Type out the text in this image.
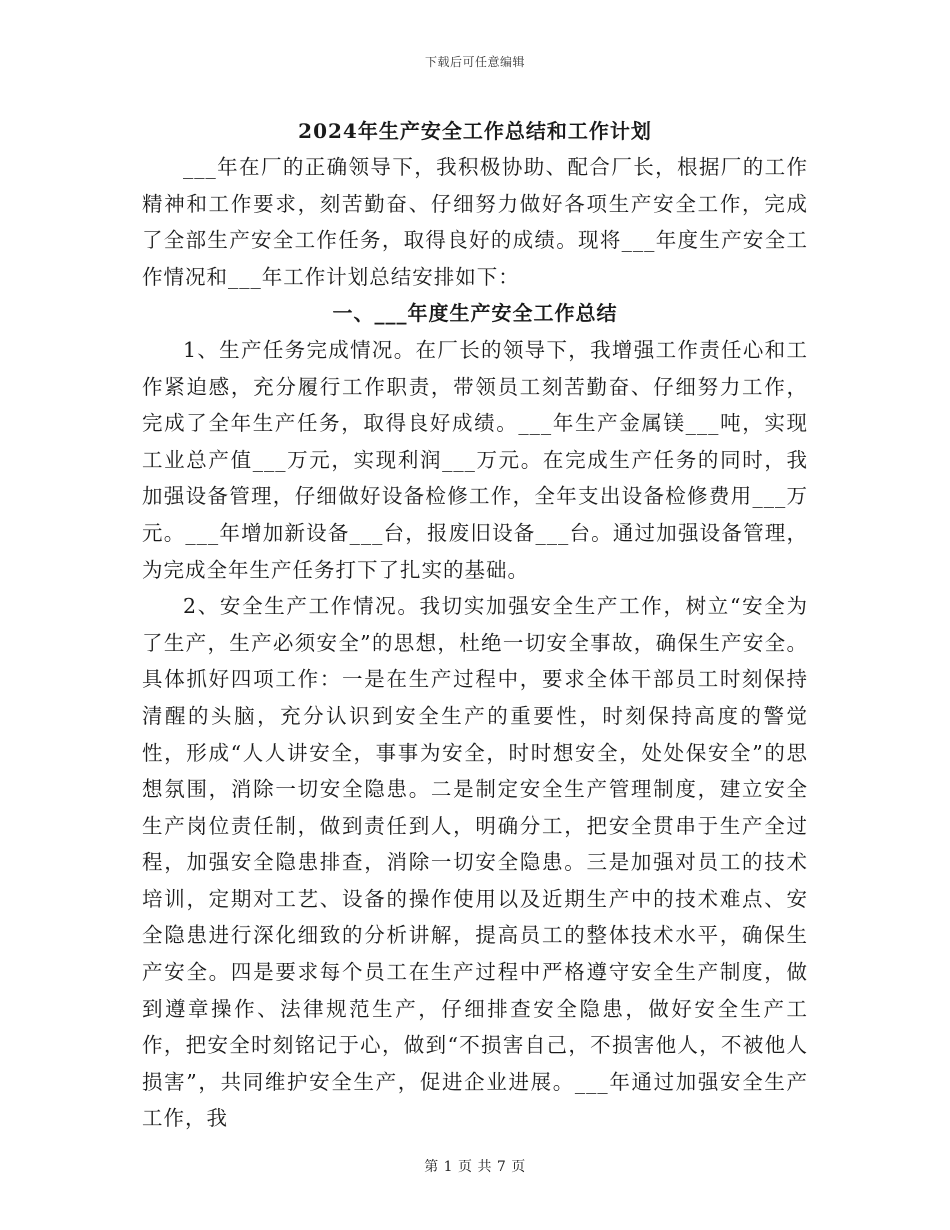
下载后可任意编辑
2024年生产安全工作总结和工作计划

___年在厂的正确领导下，我积极协助、配合厂长，根据厂的工作精神和工作要求，刻苦勤奋、仔细努力做好各项生产安全工作，完成了全部生产安全工作任务，取得良好的成绩。现将___年度生产安全工作情况和___年工作计划总结安排如下：

一、___年度生产安全工作总结

1、生产任务完成情况。在厂长的领导下，我增强工作责任心和工作紧迫感，充分履行工作职责，带领员工刻苦勤奋、仔细努力工作，完成了全年生产任务，取得良好成绩。___年生产金属镁___吨，实现工业总产值___万元，实现利润___万元。在完成生产任务的同时，我加强设备管理，仔细做好设备检修工作，全年支出设备检修费用___万元。___年增加新设备___台，报废旧设备___台。通过加强设备管理，为完成全年生产任务打下了扎实的基础。

2、安全生产工作情况。我切实加强安全生产工作，树立“安全为了生产，生产必须安全”的思想，杜绝一切安全事故，确保生产安全。具体抓好四项工作：一是在生产过程中，要求全体干部员工时刻保持清醒的头脑，充分认识到安全生产的重要性，时刻保持高度的警觉性，形成“人人讲安全，事事为安全，时时想安全，处处保安全”的思想氛围，消除一切安全隐患。二是制定安全生产管理制度，建立安全生产岗位责任制，做到责任到人，明确分工，把安全贯串于生产全过程，加强安全隐患排查，消除一切安全隐患。三是加强对员工的技术培训，定期对工艺、设备的操作使用以及近期生产中的技术难点、安全隐患进行深化细致的分析讲解，提高员工的整体技术水平，确保生产安全。四是要求每个员工在生产过程中严格遵守安全生产制度，做到遵章操作、法律规范生产，仔细排查安全隐患，做好安全生产工作，把安全时刻铭记于心，做到“不损害自己，不损害他人，不被他人损害”，共同维护安全生产，促进企业进展。___年通过加强安全生产工作，我

第 1 页 共 7 页
